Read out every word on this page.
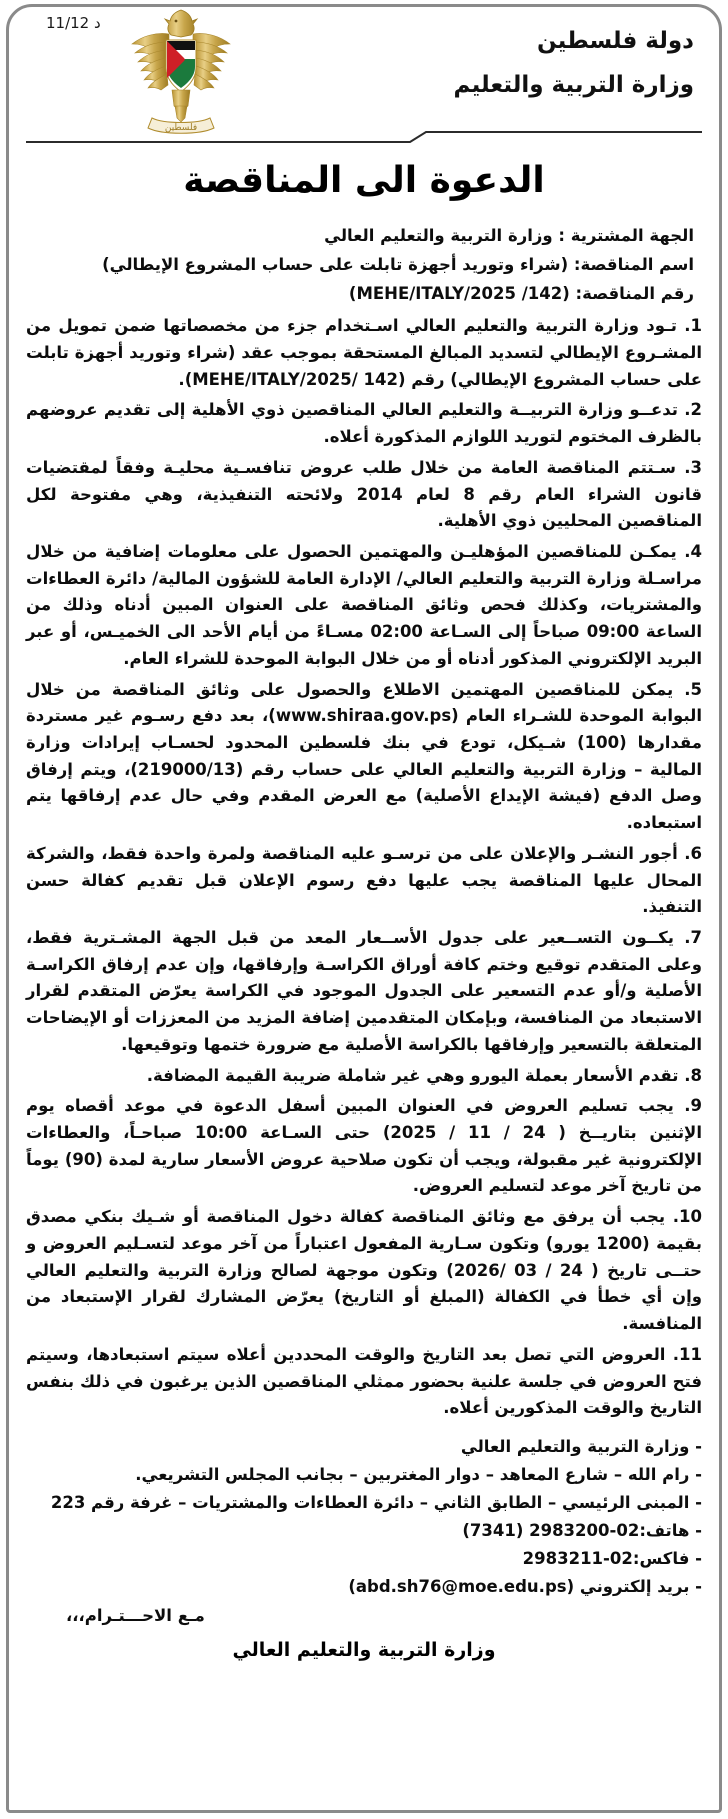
د 11/12
فلسطين
دولة فلسطين
وزارة التربية والتعليم
الدعوة الى المناقصة

الجهة المشترية : وزارة التربية والتعليم العالي

اسم المناقصة: (شراء وتوريد أجهزة تابلت على حساب المشروع الإيطالي)

رقم المناقصة: (MEHE/ITALY/2025 /142)

1. تـود وزارة التربية والتعليم العالي اسـتخدام جزء من مخصصاتها ضمن تمويل من المشـروع الإيطالي لتسديد المبالغ المستحقة بموجب عقد (شراء وتوريد أجهزة تابلت على حساب المشروع الإيطالي) رقم (142 /MEHE/ITALY/2025).

2. تدعــو وزارة التربيــة والتعليم العالي المناقصين ذوي الأهلية إلى تقديم عروضهم بالظرف المختوم لتوريد اللوازم المذكورة أعلاه.

3. سـتتم المناقصة العامة من خلال طلب عروض تنافسـية محليـة وفقاً لمقتضيات قانون الشراء العام رقم 8 لعام 2014 ولائحته التنفيذية، وهي مفتوحة لكل المناقصين المحليين ذوي الأهلية.

4. يمكـن للمناقصين المؤهليـن والمهتمين الحصول على معلومات إضافية من خلال مراسـلة وزارة التربية والتعليم العالي/ الإدارة العامة للشؤون المالية/ دائرة العطاءات والمشتريات، وكذلك فحص وثائق المناقصة على العنوان المبين أدناه وذلك من الساعة 09:00 صباحاً إلى السـاعة 02:00 مسـاءً من أيام الأحد الى الخميـس، أو عبر البريد الإلكتروني المذكور أدناه أو من خلال البوابة الموحدة للشراء العام.

5. يمكن للمناقصين المهتمين الاطلاع والحصول على وثائق المناقصة من خلال البوابة الموحدة للشـراء العام (www.shiraa.gov.ps)، بعد دفع رسـوم غير مستردة مقدارها (100) شـيكل، تودع في بنك فلسطين المحدود لحسـاب إيرادات وزارة المالية – وزارة التربية والتعليم العالي على حساب رقم (219000/13)، ويتم إرفاق وصل الدفع (فيشة الإيداع الأصلية) مع العرض المقدم وفي حال عدم إرفاقها يتم استبعاده.

6. أجور النشـر والإعلان على من ترسـو عليه المناقصة ولمرة واحدة فقط، والشركة المحال عليها المناقصة يجب عليها دفع رسوم الإعلان قبل تقديم كفالة حسن التنفيذ.

7. يكــون التســعير على جدول الأســعار المعد من قبل الجهة المشـترية فقط، وعلى المتقدم توقيع وختم كافة أوراق الكراسـة وإرفاقها، وإن عدم إرفاق الكراسـة الأصلية و/أو عدم التسعير على الجدول الموجود في الكراسة يعرّض المتقدم لقرار الاستبعاد من المنافسة، وبإمكان المتقدمين إضافة المزيد من المعززات أو الإيضاحات المتعلقة بالتسعير وإرفاقها بالكراسة الأصلية مع ضرورة ختمها وتوقيعها.

8. تقدم الأسعار بعملة اليورو وهي غير شاملة ضريبة القيمة المضافة.

9. يجب تسليم العروض في العنوان المبين أسفل الدعوة في موعد أقصاه يوم الإثنين بتاريــخ ( 24 / 11 / 2025) حتى السـاعة 10:00 صباحـاً، والعطاءات الإلكترونية غير مقبولة، ويجب أن تكون صلاحية عروض الأسعار سارية لمدة (90) يوماً من تاريخ آخر موعد لتسليم العروض.

10. يجب أن يرفق مع وثائق المناقصة كفالة دخول المناقصة أو شـيك بنكي مصدق بقيمة (1200 يورو) وتكون سـارية المفعول اعتباراً من آخر موعد لتسـليم العروض و حتــى تاريخ ( 24 / 03 /2026) وتكون موجهة لصالح وزارة التربية والتعليم العالي وإن أي خطأ في الكفالة (المبلغ أو التاريخ) يعرّض المشارك لقرار الإستبعاد من المنافسة.

11. العروض التي تصل بعد التاريخ والوقت المحددين أعلاه سيتم استبعادها، وسيتم فتح العروض في جلسة علنية بحضور ممثلي المناقصين الذين يرغبون في ذلك بنفس التاريخ والوقت المذكورين أعلاه.

- وزارة التربية والتعليم العالي

- رام الله – شارع المعاهد – دوار المغتربين – بجانب المجلس التشريعي.

- المبنى الرئيسي – الطابق الثاني – دائرة العطاءات والمشتريات – غرفة رقم 223

- هاتف:02-2983200 (7341)

- فاكس:02-2983211

- بريد إلكتروني (abd.sh76@moe.edu.ps)

مـع الاحـــتـرام،،،
وزارة التربية والتعليم العالي
